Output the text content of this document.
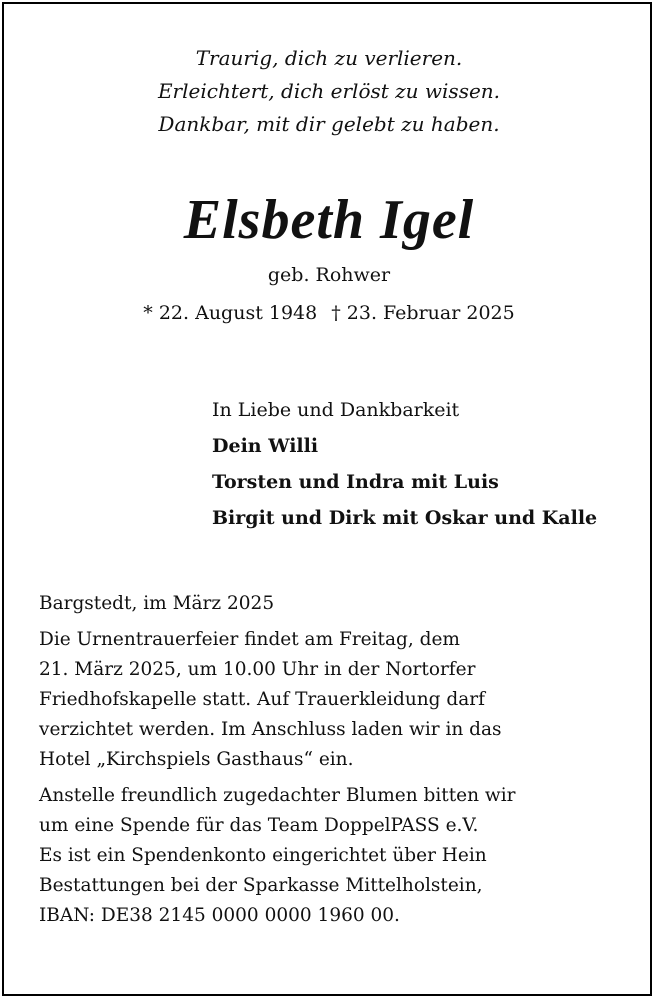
Traurig, dich zu verlieren.
Erleichtert, dich erlöst zu wissen.
Dankbar, mit dir gelebt zu haben.
Elsbeth Igel
geb. Rohwer
* 22. August 1948 † 23. Februar 2025
In Liebe und Dankbarkeit
Dein Willi
Torsten und Indra mit Luis
Birgit und Dirk mit Oskar und Kalle
Bargstedt, im März 2025
Die Urnentrauerfeier findet am Freitag, dem
21. März 2025, um 10.00 Uhr in der Nortorfer
Friedhofskapelle statt. Auf Trauerkleidung darf
verzichtet werden. Im Anschluss laden wir in das
Hotel „Kirchspiels Gasthaus“ ein.
Anstelle freundlich zugedachter Blumen bitten wir
um eine Spende für das Team DoppelPASS e.V.
Es ist ein Spendenkonto eingerichtet über Hein
Bestattungen bei der Sparkasse Mittelholstein,
IBAN: DE38 2145 0000 0000 1960 00.
